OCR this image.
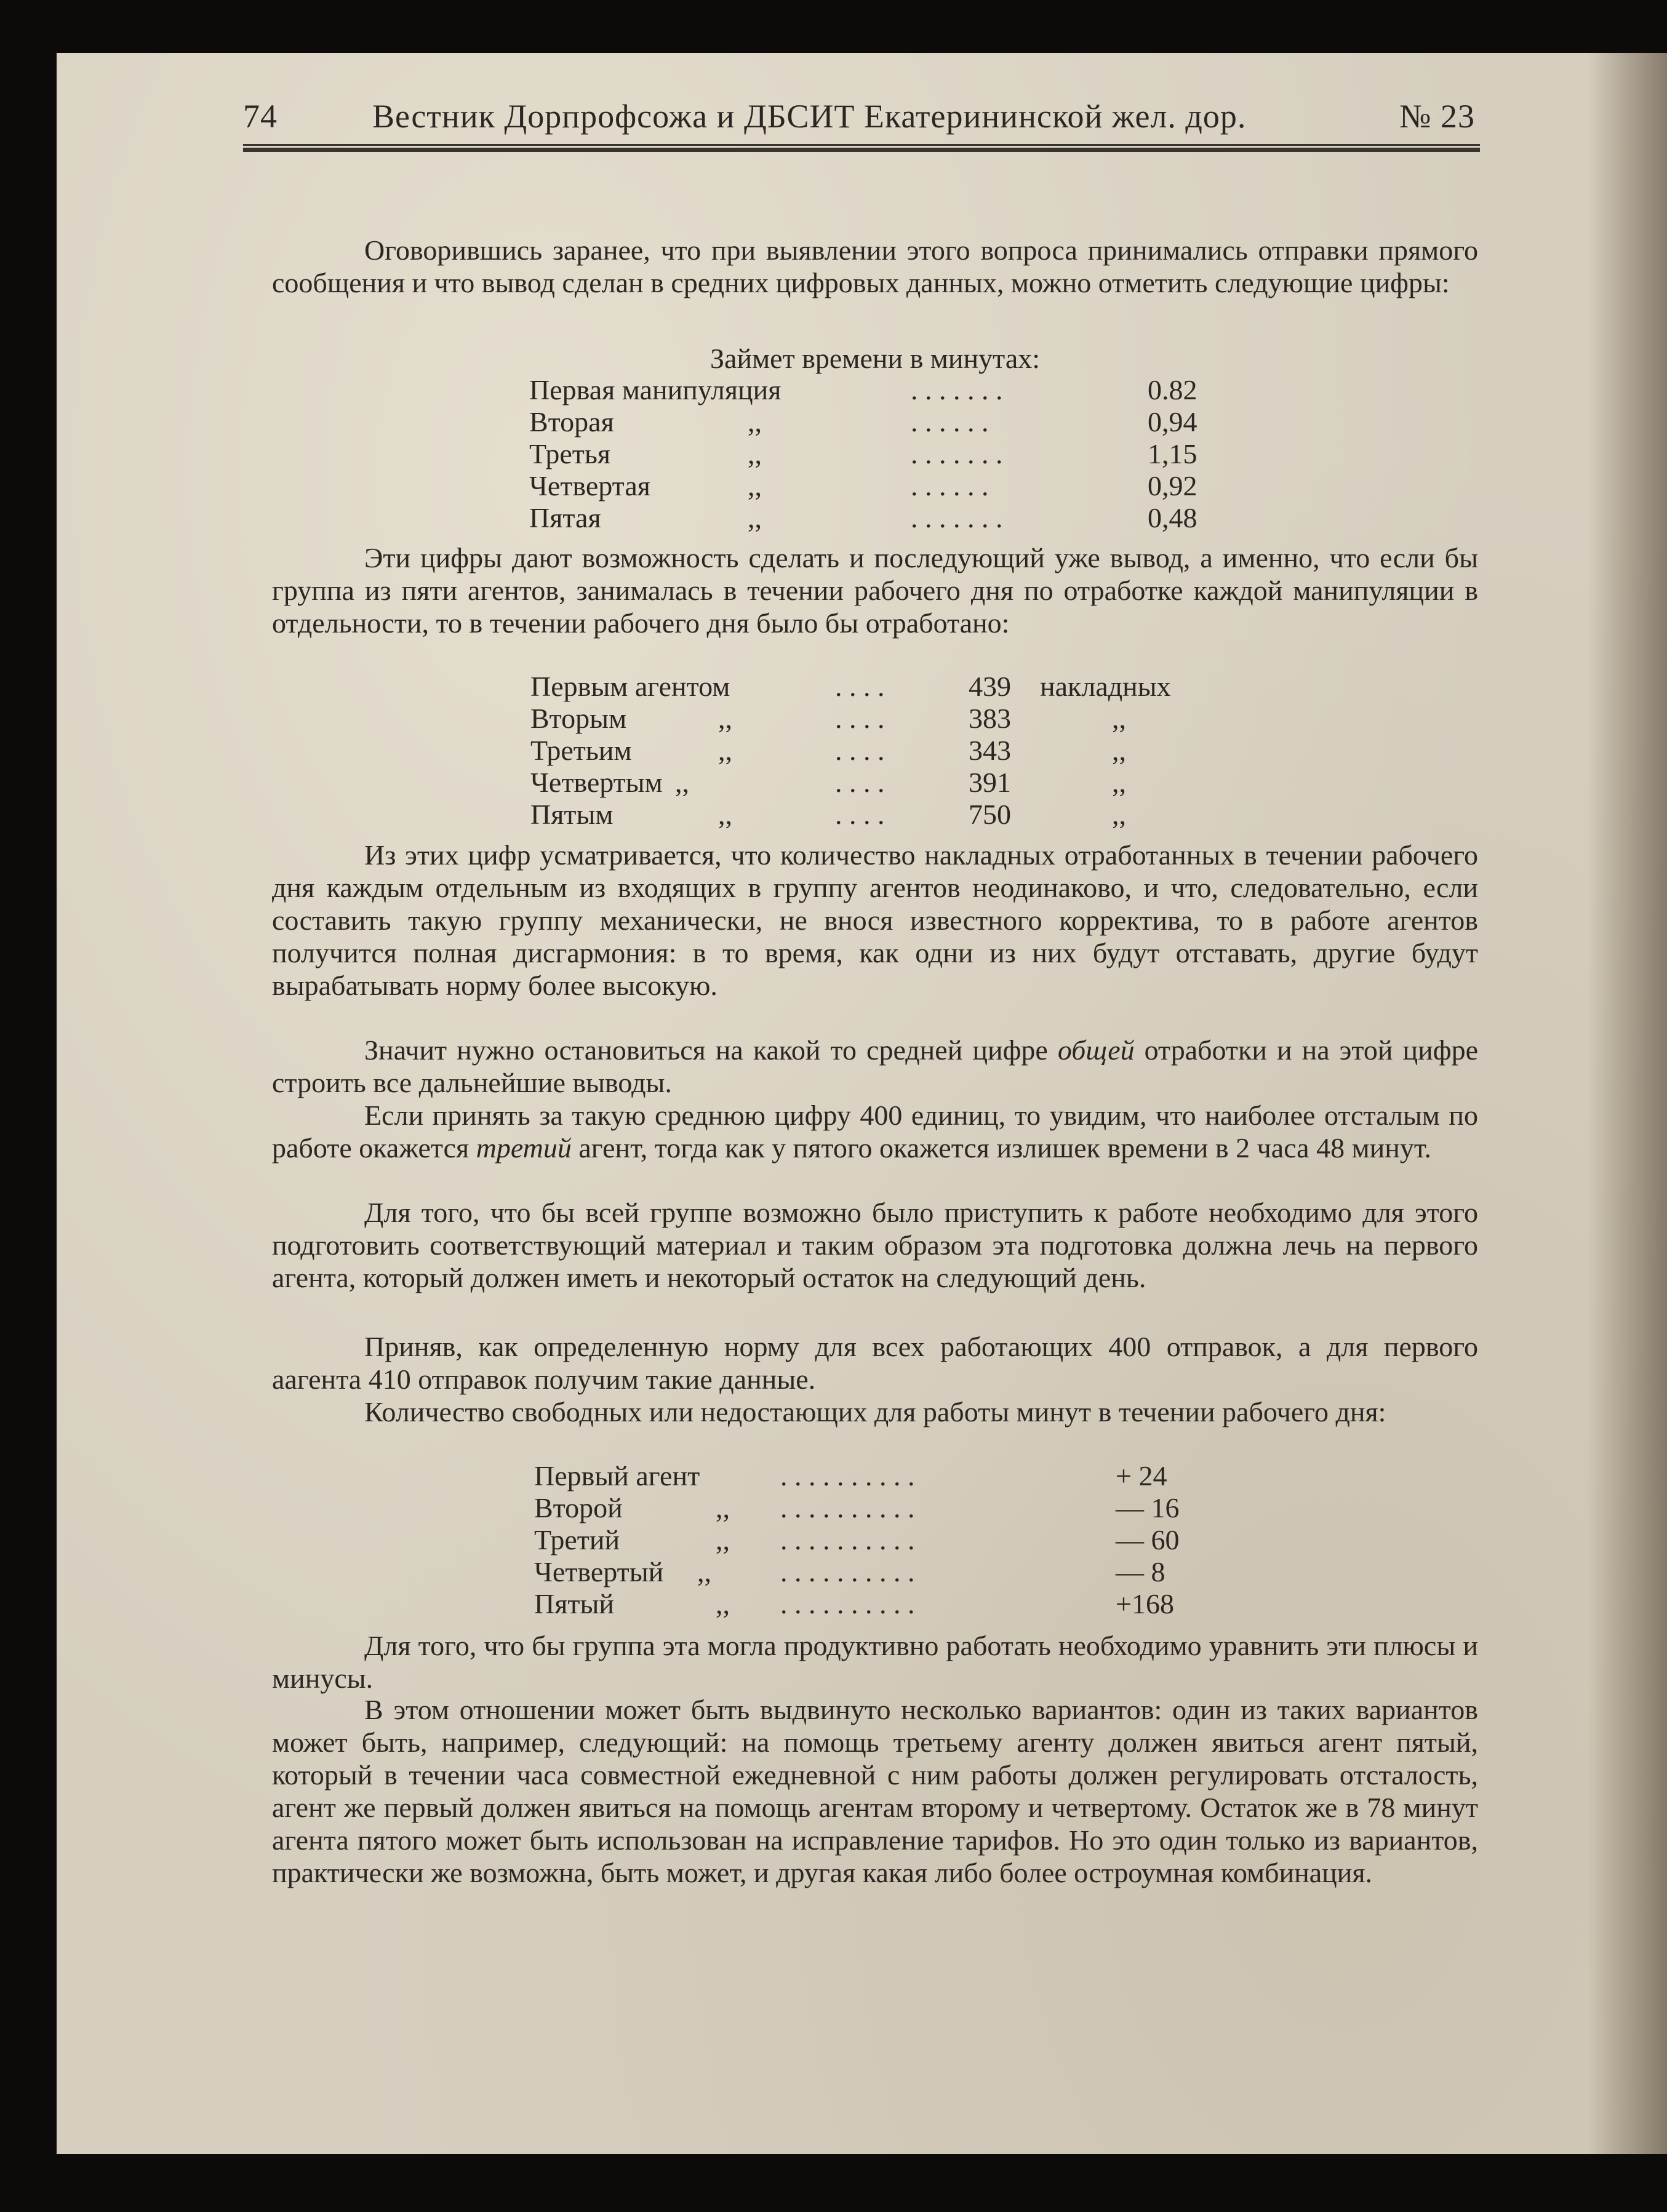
74	Вестник Дорпрофсожа и ДБСИТ Екатерининской жел. дор.	№ 23
Оговорившись заранее, что при выявлении этого вопроса принимались отправки прямого сообщения и что вывод сделан в средних цифровых данных, можно отметить следующие цифры:
Займет времени в минутах:
Первая манипуляция	. . . . . . .	0.82
Вторая	,,	. . . . . .	0,94
Третья	,,	. . . . . . .	1,15
Четвертая	,,	. . . . . .	0,92
Пятая	,,	. . . . . . .	0,48
Эти цифры дают возможность сделать и последующий уже вывод, а именно, что если бы группа из пяти агентов, занималась в течении рабочего дня по отработке каждой манипуляции в отдельности, то в течении рабочего дня было бы отработано:
Первым агентом	. . . .	439 накладных
Вторым	,,	. . . .	383	,,
Третьим	,,	. . . .	343	,,
Четвертым ,,	. . . .	391	,,
Пятым	,,	. . . .	750	,,
Из этих цифр усматривается, что количество накладных отработанных в течении рабочего дня каждым отдельным из входящих в группу агентов неодинаково, и что, следовательно, если составить такую группу механически, не внося известного корректива, то в работе агентов получится полная дисгармония: в то время, как одни из них будут отставать, другие будут вырабатывать норму более высокую.
Значит нужно остановиться на какой то средней цифре общей отработки и на этой цифре строить все дальнейшие выводы.
Если принять за такую среднюю цифру 400 единиц, то увидим, что наиболее отсталым по работе окажется третий агент, тогда как у пятого окажется излишек времени в 2 часа 48 минут.
Для того, что бы всей группе возможно было приступить к работе необходимо для этого подготовить соответствующий материал и таким образом эта подготовка должна лечь на первого агента, который должен иметь и некоторый остаток на следующий день.
Приняв, как определенную норму для всех работающих 400 отправок, а для первого аагента 410 отправок получим такие данные.
Количество свободных или недостающих для работы минут в течении рабочего дня:
Первый агент	. . . . . . . . . .	+ 24
Второй	,, . . . . . . . . . .	— 16
Третий	,, . . . . . . . . . .	— 60
Четвертый ,, . . . . . . . . . .	— 8
Пятый	,, . . . . . . . . . .	+168
Для того, что бы группа эта могла продуктивно работать необходимо уравнить эти плюсы и минусы.
В этом отношении может быть выдвинуто несколько вариантов: один из таких вариантов может быть, например, следующий: на помощь третьему агенту должен явиться агент пятый, который в течении часа совместной ежедневной с ним работы должен регулировать отсталость, агент же первый должен явиться на помощь агентам второму и четвертому. Остаток же в 78 минут агента пятого может быть использован на исправление тарифов. Но это один только из вариантов, практически же возможна, быть может, и другая какая либо более остроумная комбинация.
